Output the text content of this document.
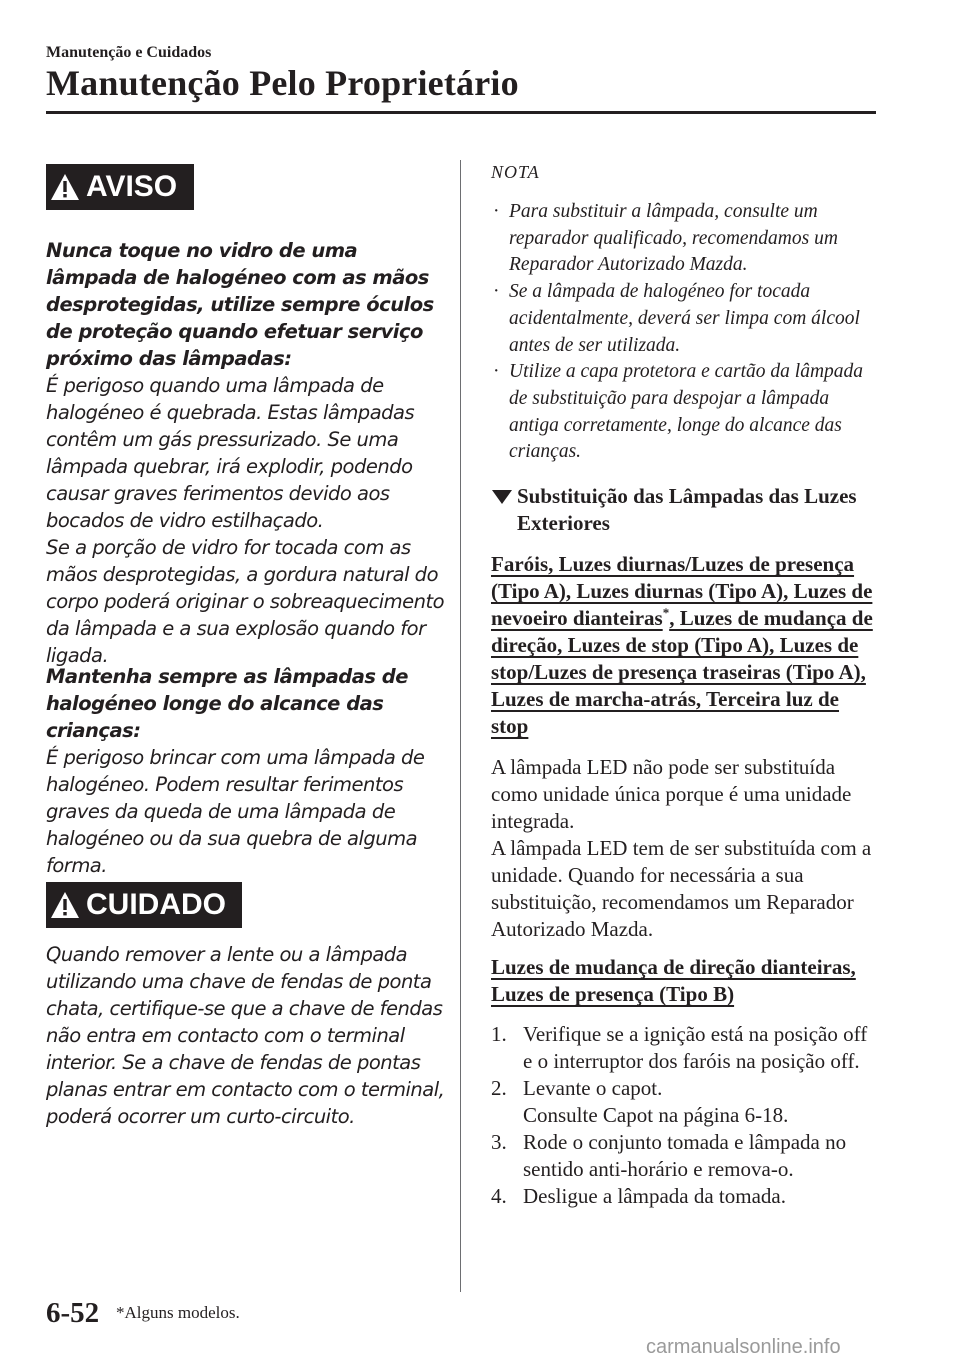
Manutenção e Cuidados
Manutenção Pelo Proprietário
AVISO

Nunca toque no vidro de uma lâmpada de halogéneo com as mãos desprotegidas, utilize sempre óculos de proteção quando efetuar serviço próximo das lâmpadas:

É perigoso quando uma lâmpada de halogéneo é quebrada. Estas lâmpadas contêm um gás pressurizado. Se uma lâmpada quebrar, irá explodir, podendo causar graves ferimentos devido aos bocados de vidro estilhaçado.

Se a porção de vidro for tocada com as mãos desprotegidas, a gordura natural do corpo poderá originar o sobreaquecimento da lâmpada e a sua explosão quando for ligada.

Mantenha sempre as lâmpadas de halogéneo longe do alcance das crianças:

É perigoso brincar com uma lâmpada de halogéneo. Podem resultar ferimentos graves da queda de uma lâmpada de halogéneo ou da sua quebra de alguma forma.

CUIDADO

Quando remover a lente ou a lâmpada utilizando uma chave de fendas de ponta chata, certifique-se que a chave de fendas não entra em contacto com o terminal interior. Se a chave de fendas de pontas planas entrar em contacto com o terminal, poderá ocorrer um curto-circuito.

NOTA
· Para substituir a lâmpada, consulte um reparador qualificado, recomendamos um Reparador Autorizado Mazda.
· Se a lâmpada de halogéneo for tocada acidentalmente, deverá ser limpa com álcool antes de ser utilizada.
· Utilize a capa protetora e cartão da lâmpada de substituição para despojar a lâmpada antiga corretamente, longe do alcance das crianças.
Substituição das Lâmpadas das Luzes Exteriores
Faróis, Luzes diurnas/Luzes de presença (Tipo A), Luzes diurnas (Tipo A), Luzes de nevoeiro dianteiras*, Luzes de mudança de direção, Luzes de stop (Tipo A), Luzes de stop/Luzes de presença traseiras (Tipo A), Luzes de marcha-atrás, Terceira luz de stop

A lâmpada LED não pode ser substituída como unidade única porque é uma unidade integrada.

A lâmpada LED tem de ser substituída com a unidade. Quando for necessária a sua substituição, recomendamos um Reparador Autorizado Mazda.

Luzes de mudança de direção dianteiras, Luzes de presença (Tipo B)
1. Verifique se a ignição está na posição off e o interruptor dos faróis na posição off.
2. Levante o capot.
Consulte Capot na página 6-18.
3. Rode o conjunto tomada e lâmpada no sentido anti-horário e remova-o.
4. Desligue a lâmpada da tomada.
6-52 *Alguns modelos.
carmanualsonline.info
